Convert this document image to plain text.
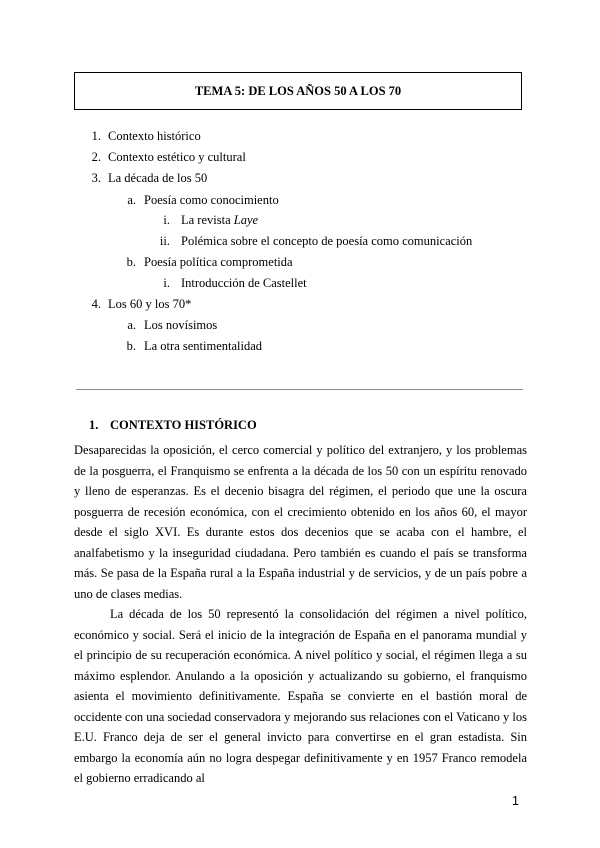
TEMA 5: DE LOS AÑOS 50 A LOS 70
1. Contexto histórico
2. Contexto estético y cultural
3. La década de los 50
a. Poesía como conocimiento
i. La revista Laye
ii. Polémica sobre el concepto de poesía como comunicación
b. Poesía política comprometida
i. Introducción de Castellet
4. Los 60 y los 70*
a. Los novísimos
b. La otra sentimentalidad
1. CONTEXTO HISTÓRICO

Desaparecidas la oposición, el cerco comercial y político del extranjero, y los problemas de la posguerra, el Franquismo se enfrenta a la década de los 50 con un espíritu renovado y lleno de esperanzas. Es el decenio bisagra del régimen, el periodo que une la oscura posguerra de recesión económica, con el crecimiento obtenido en los años 60, el mayor desde el siglo XVI. Es durante estos dos decenios que se acaba con el hambre, el analfabetismo y la inseguridad ciudadana. Pero también es cuando el país se transforma más. Se pasa de la España rural a la España industrial y de servicios, y de un país pobre a uno de clases medias.

La década de los 50 representó la consolidación del régimen a nivel político, económico y social. Será el inicio de la integración de España en el panorama mundial y el principio de su recuperación económica. A nivel político y social, el régimen llega a su máximo esplendor. Anulando a la oposición y actualizando su gobierno, el franquismo asienta el movimiento definitivamente. España se convierte en el bastión moral de occidente con una sociedad conservadora y mejorando sus relaciones con el Vaticano y los E.U. Franco deja de ser el general invicto para convertirse en el gran estadista. Sin embargo la economía aún no logra despegar definitivamente y en 1957 Franco remodela el gobierno erradicando al

1
